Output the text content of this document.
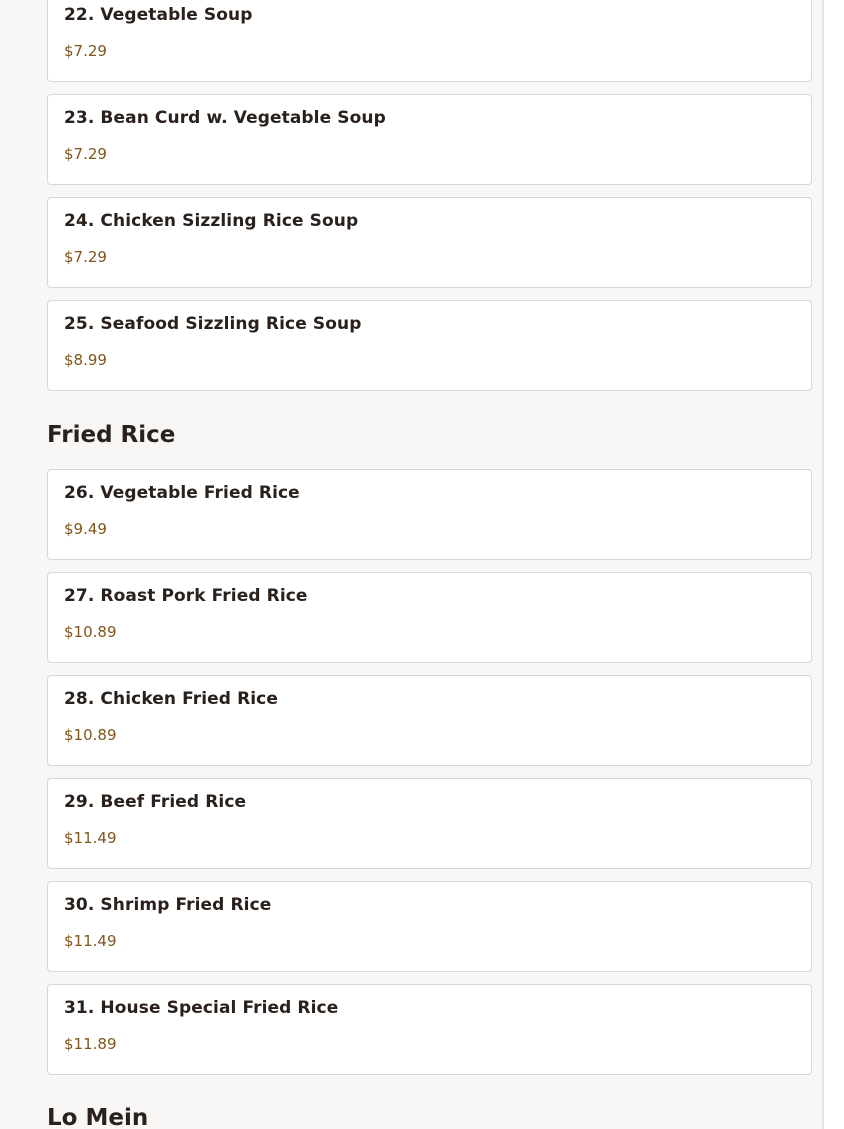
22. Vegetable Soup
$7.29
23. Bean Curd w. Vegetable Soup
$7.29
24. Chicken Sizzling Rice Soup
$7.29
25. Seafood Sizzling Rice Soup
$8.99
Fried Rice
26. Vegetable Fried Rice
$9.49
27. Roast Pork Fried Rice
$10.89
28. Chicken Fried Rice
$10.89
29. Beef Fried Rice
$11.49
30. Shrimp Fried Rice
$11.49
31. House Special Fried Rice
$11.89
Lo Mein
